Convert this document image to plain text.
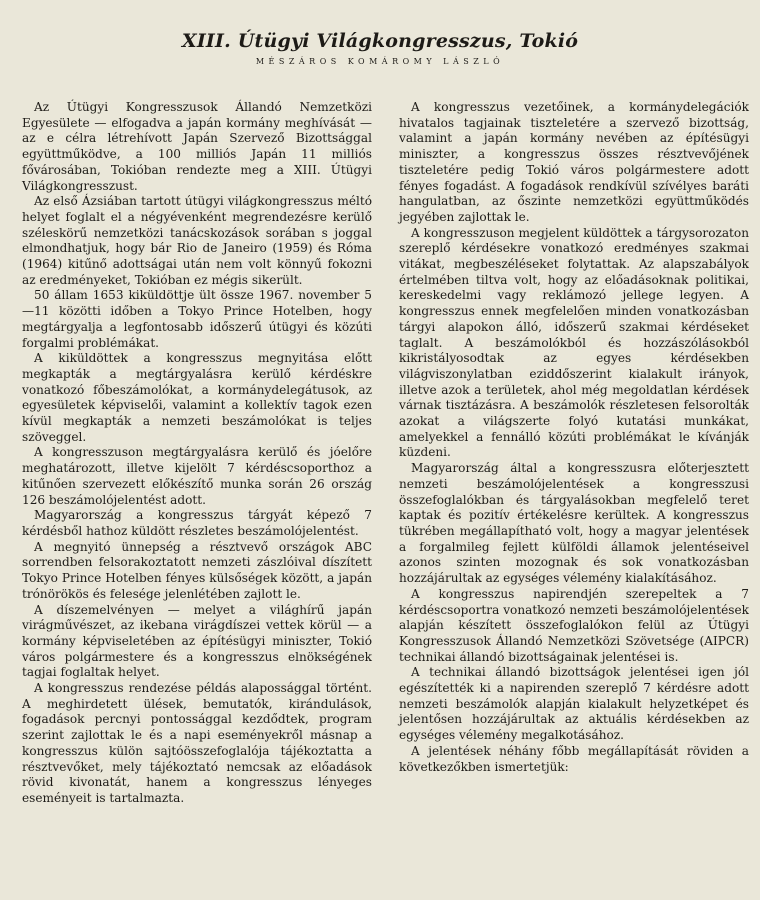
XIII. Útügyi Világkongresszus, Tokió
MÉSZÁROS KOMÁROMY LÁSZLÓ

Az Útügyi Kongresszusok Állandó Nemzetközi Egyesülete — elfogadva a japán kormány meghívását — az e célra létrehívott Japán Szervező Bizottsággal együttműködve, a 100 milliós Japán 11 milliós fővárosában, Tokióban rendezte meg a XIII. Útügyi Világkongresszust.

Az első Ázsiában tartott útügyi világkongresszus méltó helyet foglalt el a négyévenként megrendezésre kerülő széleskörű nemzetközi tanácskozások sorában s joggal elmondhatjuk, hogy bár Rio de Janeiro (1959) és Róma (1964) kitűnő adottságai után nem volt könnyű fokozni az eredményeket, Tokióban ez mégis sikerült.

50 állam 1653 kiküldöttje ült össze 1967. november 5—11 közötti időben a Tokyo Prince Hotelben, hogy megtárgyalja a legfontosabb időszerű útügyi és közúti forgalmi problémákat.

A kiküldöttek a kongresszus megnyitása előtt megkapták a megtárgyalásra kerülő kérdéskre vonatkozó főbeszámolókat, a kormánydelegátusok, az egyesületek képviselői, valamint a kollektív tagok ezen kívül megkapták a nemzeti beszámolókat is teljes szöveggel.

A kongresszuson megtárgyalásra kerülő és jóelőre meghatározott, illetve kijelölt 7 kérdéscsoporthoz a kitűnően szervezett előkészítő munka során 26 ország 126 beszámolójelentést adott.

Magyarország a kongresszus tárgyát képező 7 kérdésből hathoz küldött részletes beszámolójelentést.

A megnyitó ünnepség a résztvevő országok ABC sorrendben felsorakoztatott nemzeti zászlóival díszített Tokyo Prince Hotelben fényes külsőségek között, a japán trónörökös és felesége jelenlétében zajlott le.

A díszemelvényen — melyet a világhírű japán virágművészet, az ikebana virágdíszei vettek körül — a kormány képviseletében az építésügyi miniszter, Tokió város polgármestere és a kongresszus elnökségének tagjai foglaltak helyet.

A kongresszus rendezése példás alapossággal történt. A meghirdetett ülések, bemutatók, kirándulások, fogadások percnyi pontossággal kezdődtek, program szerint zajlottak le és a napi eseményekről másnap a kongresszus külön sajtóösszefoglalója tájékoztatta a résztvevőket, mely tájékoztató nemcsak az előadások rövid kivonatát, hanem a kongresszus lényeges eseményeit is tartalmazta.

A kongresszus vezetőinek, a kormánydelegációk hivatalos tagjainak tiszteletére a szervező bizottság, valamint a japán kormány nevében az építésügyi miniszter, a kongresszus összes résztvevőjének tiszteletére pedig Tokió város polgármestere adott fényes fogadást. A fogadások rendkívül szívélyes baráti hangulatban, az őszinte nemzetközi együttműködés jegyében zajlottak le.

A kongresszuson megjelent küldöttek a tárgysorozaton szereplő kérdésekre vonatkozó eredményes szakmai vitákat, megbeszéléseket folytattak. Az alapszabályok értelmében tiltva volt, hogy az előadásoknak politikai, kereskedelmi vagy reklámozó jellege legyen. A kongresszus ennek megfelelően minden vonatkozásban tárgyi alapokon álló, időszerű szakmai kérdéseket taglalt. A beszámolókból és hozzászólásokból kikristályosodtak az egyes kérdésekben világviszonylatban eziddőszerint kialakult irányok, illetve azok a területek, ahol még megoldatlan kérdések várnak tisztázásra. A beszámolók részletesen felsorolták azokat a világszerte folyó kutatási munkákat, amelyekkel a fennálló közúti problémákat le kívánják küzdeni.

Magyarország által a kongresszusra előterjesztett nemzeti beszámolójelentések a kongresszusi összefoglalókban és tárgyalásokban megfelelő teret kaptak és pozitív értékelésre kerültek. A kongresszus tükrében megállapítható volt, hogy a magyar jelentések a forgalmileg fejlett külföldi államok jelentéseivel azonos szinten mozognak és sok vonatkozásban hozzájárultak az egységes vélemény kialakításához.

A kongresszus napirendjén szerepeltek a 7 kérdéscsoportra vonatkozó nemzeti beszámolójelentések alapján készített összefoglalókon felül az Útügyi Kongresszusok Állandó Nemzetközi Szövetsége (AIPCR) technikai állandó bizottságainak jelentései is.

A technikai állandó bizottságok jelentései igen jól egészítették ki a napirenden szereplő 7 kérdésre adott nemzeti beszámolók alapján kialakult helyzetképet és jelentősen hozzájárultak az aktuális kérdésekben az egységes vélemény megalkotásához.

A jelentések néhány főbb megállapítását röviden a következőkben ismertetjük:
